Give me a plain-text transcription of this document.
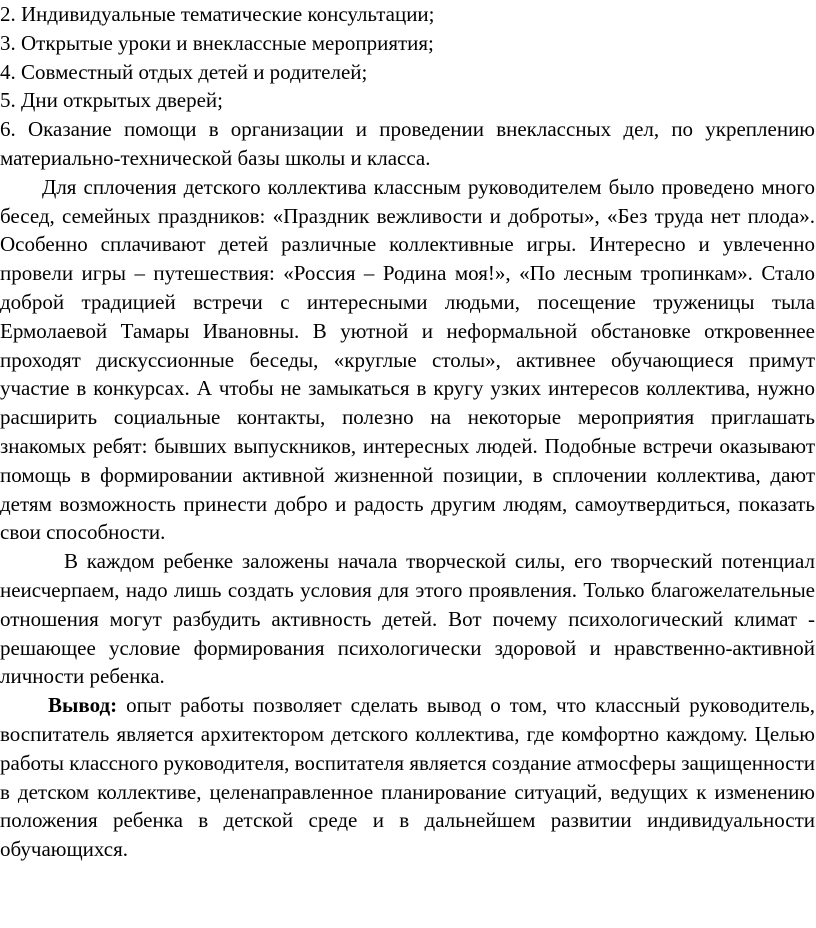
2. Индивидуальные тематические консультации;

3. Открытые уроки и внеклассные мероприятия;

4. Совместный отдых детей и родителей;

5. Дни открытых дверей;

6. Оказание помощи в организации и проведении внеклассных дел, по укреплению материально-технической базы школы и класса.

Для сплочения детского коллектива классным руководителем было проведено много бесед, семейных праздников: «Праздник вежливости и доброты», «Без труда нет плода». Особенно сплачивают детей различные коллективные игры. Интересно и увлеченно провели игры – путешествия: «Россия – Родина моя!», «По лесным тропинкам». Стало доброй традицией встречи с интересными людьми, посещение труженицы тыла Ермолаевой Тамары Ивановны. В уютной и неформальной обстановке откровеннее проходят дискуссионные беседы, «круглые столы», активнее обучающиеся примут участие в конкурсах. А чтобы не замыкаться в кругу узких интересов коллектива, нужно расширить социальные контакты, полезно на некоторые мероприятия приглашать знакомых ребят: бывших выпускников, интересных людей. Подобные встречи оказывают помощь в формировании активной жизненной позиции, в сплочении коллектива, дают детям возможность принести добро и радость другим людям, самоутвердиться, показать свои способности.

В каждом ребенке заложены начала творческой силы, его творческий потенциал неисчерпаем, надо лишь создать условия для этого проявления. Только благожелательные отношения могут разбудить активность детей. Вот почему психологический климат - решающее условие формирования психологически здоровой и нравственно-активной личности ребенка.

Вывод: опыт работы позволяет сделать вывод о том, что классный руководитель, воспитатель является архитектором детского коллектива, где комфортно каждому. Целью работы классного руководителя, воспитателя является создание атмосферы защищенности в детском коллективе, целенаправленное планирование ситуаций, ведущих к изменению положения ребенка в детской среде и в дальнейшем развитии индивидуальности обучающихся.
